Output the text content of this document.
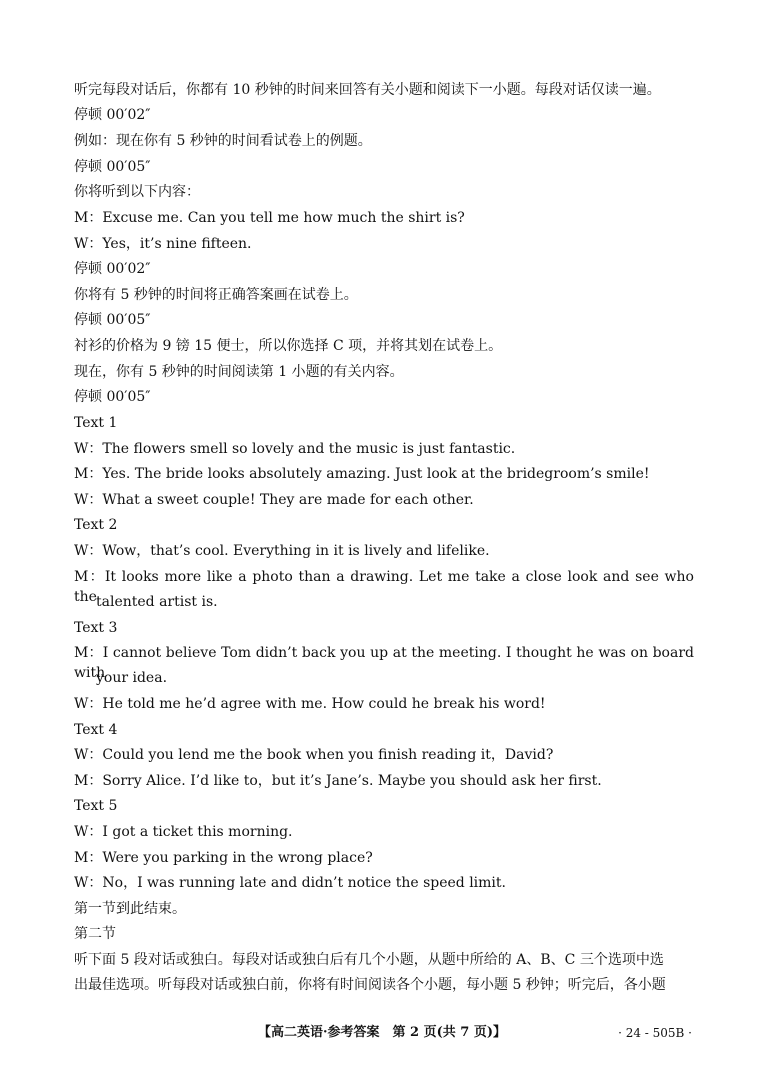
听完每段对话后，你都有 10 秒钟的时间来回答有关小题和阅读下一小题。每段对话仅读一遍。
停顿 00′02″
例如：现在你有 5 秒钟的时间看试卷上的例题。
停顿 00′05″
你将听到以下内容：
M：Excuse me. Can you tell me how much the shirt is?
W：Yes，it’s nine fifteen.
停顿 00′02″
你将有 5 秒钟的时间将正确答案画在试卷上。
停顿 00′05″
衬衫的价格为 9 镑 15 便士，所以你选择 C 项，并将其划在试卷上。
现在，你有 5 秒钟的时间阅读第 1 小题的有关内容。
停顿 00′05″
Text 1
W：The flowers smell so lovely and the music is just fantastic.
M：Yes. The bride looks absolutely amazing. Just look at the bridegroom’s smile!
W：What a sweet couple! They are made for each other.
Text 2
W：Wow，that’s cool. Everything in it is lively and lifelike.
M：It looks more like a photo than a drawing. Let me take a close look and see who the talented artist is.
Text 3
M：I cannot believe Tom didn’t back you up at the meeting. I thought he was on board with
your idea.
W：He told me he’d agree with me. How could he break his word!
Text 4
W：Could you lend me the book when you finish reading it，David?
M：Sorry Alice. I’d like to，but it’s Jane’s. Maybe you should ask her first.
Text 5
W：I got a ticket this morning.
M：Were you parking in the wrong place?
W：No，I was running late and didn’t notice the speed limit.
第一节到此结束。
第二节
听下面 5 段对话或独白。每段对话或独白后有几个小题，从题中所给的 A、B、C 三个选项中选
出最佳选项。听每段对话或独白前，你将有时间阅读各个小题，每小题 5 秒钟；听完后，各小题
【高二英语·参考答案　第 2 页(共 7 页)】	· 24 - 505B ·
